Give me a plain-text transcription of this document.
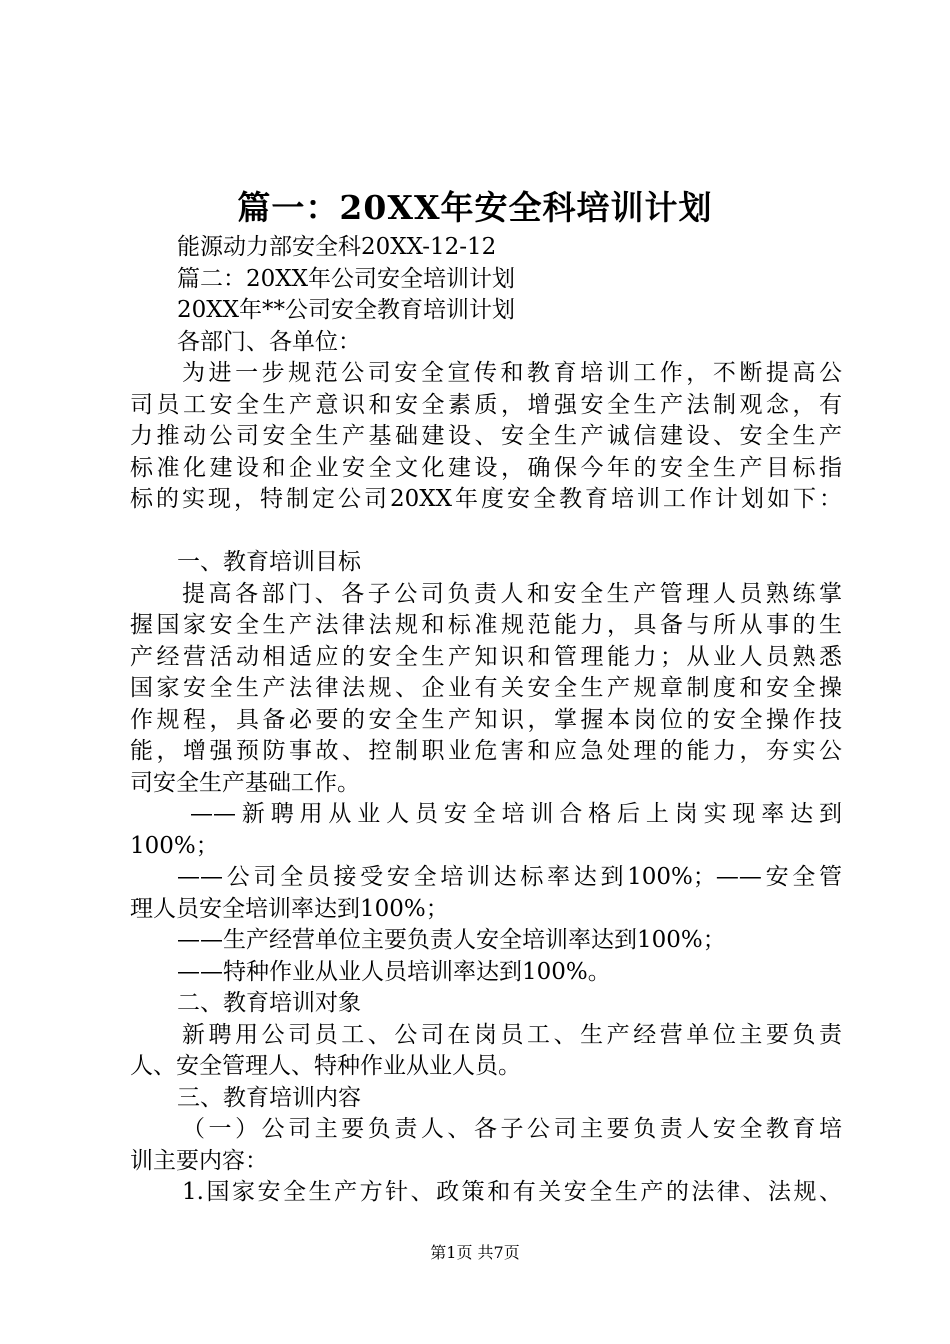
篇一：20XX年安全科培训计划
能源动力部安全科20XX-12-12
篇二：20XX年公司安全培训计划
20XX年**公司安全教育培训计划
各部门、各单位：
为进一步规范公司安全宣传和教育培训工作，不断提高公
司员工安全生产意识和安全素质，增强安全生产法制观念，有
力推动公司安全生产基础建设、安全生产诚信建设、安全生产
标准化建设和企业安全文化建设，确保今年的安全生产目标指
标的实现，特制定公司20XX年度安全教育培训工作计划如下：
一、教育培训目标
提高各部门、各子公司负责人和安全生产管理人员熟练掌
握国家安全生产法律法规和标准规范能力，具备与所从事的生
产经营活动相适应的安全生产知识和管理能力；从业人员熟悉
国家安全生产法律法规、企业有关安全生产规章制度和安全操
作规程，具备必要的安全生产知识，掌握本岗位的安全操作技
能，增强预防事故、控制职业危害和应急处理的能力，夯实公
司安全生产基础工作。
——新聘用从业人员安全培训合格后上岗实现率达到
100%；
——公司全员接受安全培训达标率达到100%；——安全管
理人员安全培训率达到100%；
——生产经营单位主要负责人安全培训率达到100%；
——特种作业从业人员培训率达到100%。
二、教育培训对象
新聘用公司员工、公司在岗员工、生产经营单位主要负责
人、安全管理人、特种作业从业人员。
三、教育培训内容
（一）公司主要负责人、各子公司主要负责人安全教育培
训主要内容：
1.国家安全生产方针、政策和有关安全生产的法律、法规、
第1页 共7页
